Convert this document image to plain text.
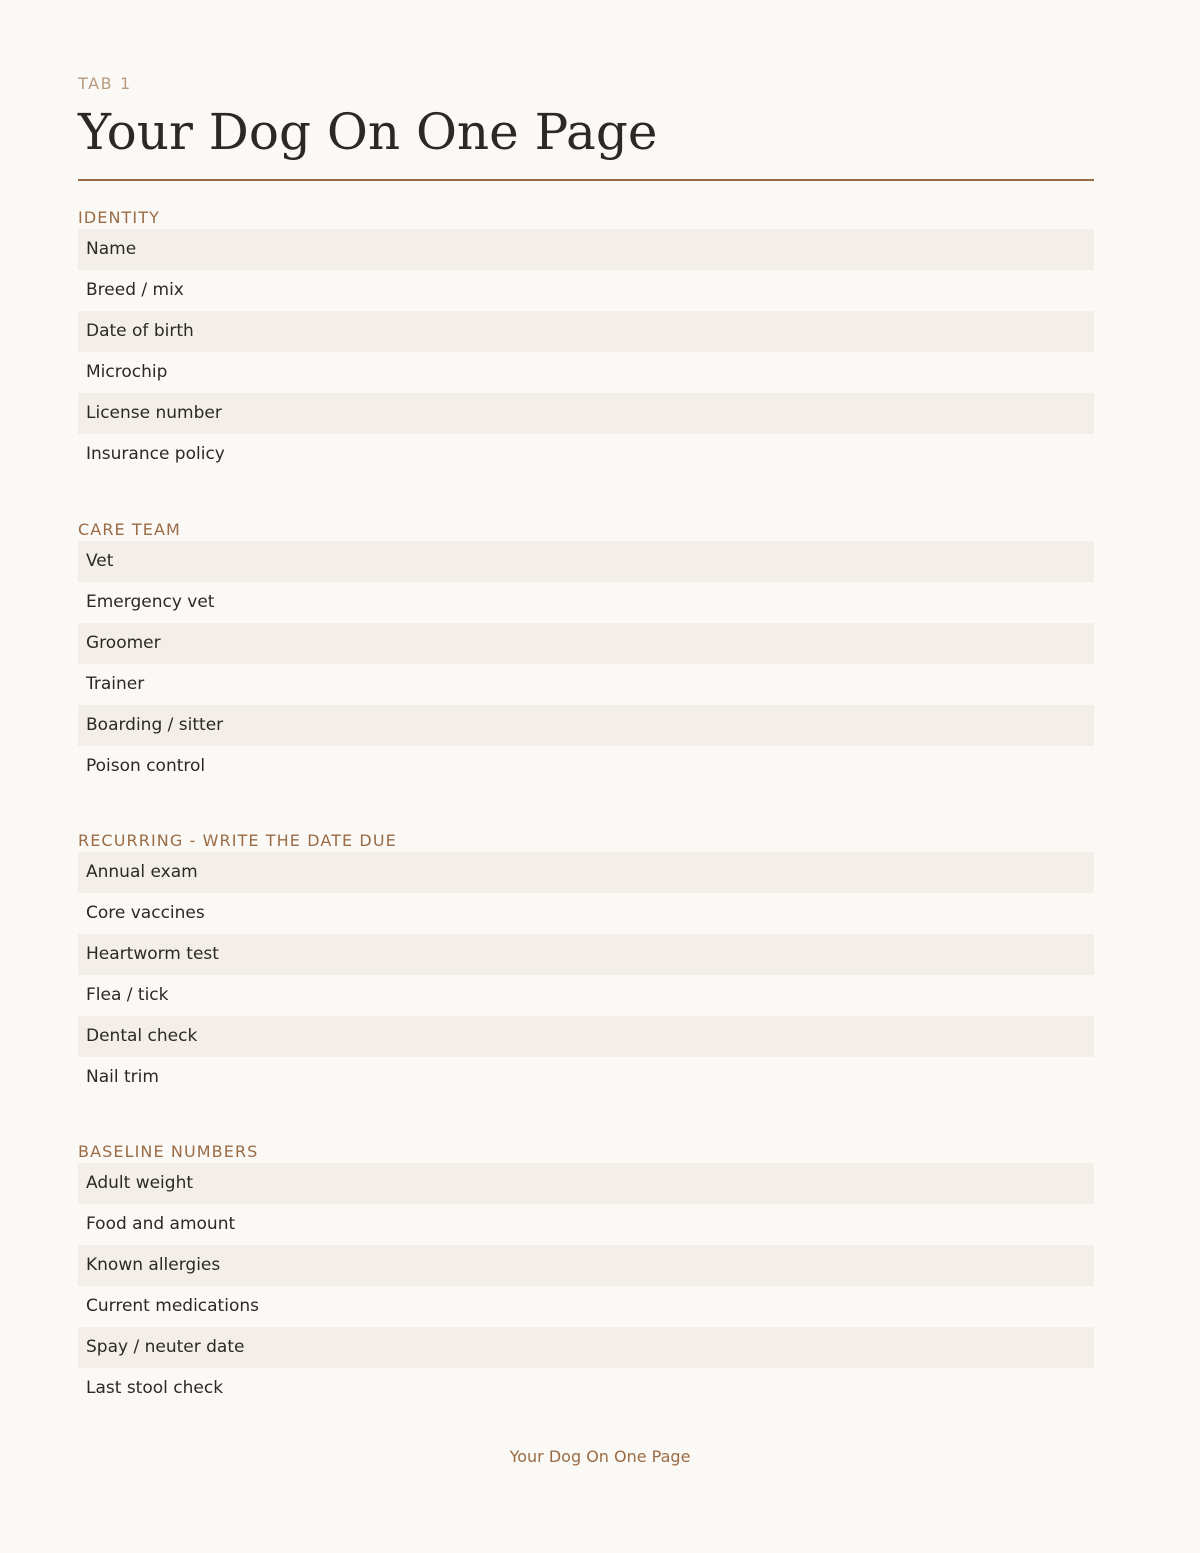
TAB 1
Your Dog On One Page
IDENTITY
Name
Breed / mix
Date of birth
Microchip
License number
Insurance policy
CARE TEAM
Vet
Emergency vet
Groomer
Trainer
Boarding / sitter
Poison control
RECURRING - WRITE THE DATE DUE
Annual exam
Core vaccines
Heartworm test
Flea / tick
Dental check
Nail trim
BASELINE NUMBERS
Adult weight
Food and amount
Known allergies
Current medications
Spay / neuter date
Last stool check
Your Dog On One Page
